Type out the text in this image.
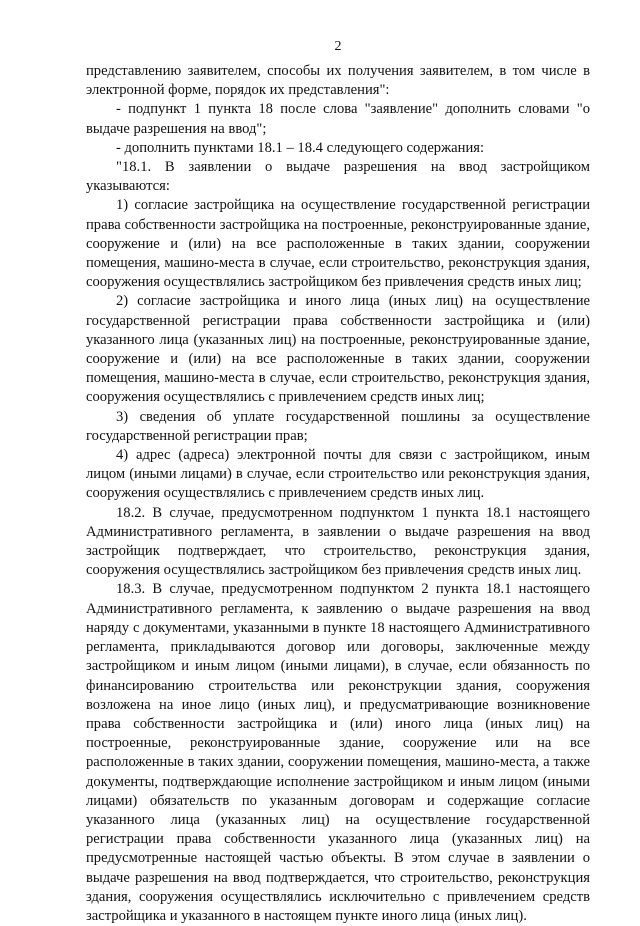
2

представлению заявителем, способы их получения заявителем, в том числе в электронной форме, порядок их представления":

- подпункт 1 пункта 18 после слова "заявление" дополнить словами "о выдаче разрешения на ввод";

- дополнить пунктами 18.1 – 18.4 следующего содержания:

"18.1. В заявлении о выдаче разрешения на ввод застройщиком указываются:

1) согласие застройщика на осуществление государственной регистрации права собственности застройщика на построенные, реконструированные здание, сооружение и (или) на все расположенные в таких здании, сооружении помещения, машино-места в случае, если строительство, реконструкция здания, сооружения осуществлялись застройщиком без привлечения средств иных лиц;

2) согласие застройщика и иного лица (иных лиц) на осуществление государственной регистрации права собственности застройщика и (или) указанного лица (указанных лиц) на построенные, реконструированные здание, сооружение и (или) на все расположенные в таких здании, сооружении помещения, машино-места в случае, если строительство, реконструкция здания, сооружения осуществлялись с привлечением средств иных лиц;

3) сведения об уплате государственной пошлины за осуществление государственной регистрации прав;

4) адрес (адреса) электронной почты для связи с застройщиком, иным лицом (иными лицами) в случае, если строительство или реконструкция здания, сооружения осуществлялись с привлечением средств иных лиц.

18.2. В случае, предусмотренном подпунктом 1 пункта 18.1 настоящего Административного регламента, в заявлении о выдаче разрешения на ввод застройщик подтверждает, что строительство, реконструкция здания, сооружения осуществлялись застройщиком без привлечения средств иных лиц.

18.3. В случае, предусмотренном подпунктом 2 пункта 18.1 настоящего Административного регламента, к заявлению о выдаче разрешения на ввод наряду с документами, указанными в пункте 18 настоящего Административного регламента, прикладываются договор или договоры, заключенные между застройщиком и иным лицом (иными лицами), в случае, если обязанность по финансированию строительства или реконструкции здания, сооружения возложена на иное лицо (иных лиц), и предусматривающие возникновение права собственности застройщика и (или) иного лица (иных лиц) на построенные, реконструированные здание, сооружение или на все расположенные в таких здании, сооружении помещения, машино-места, а также документы, подтверждающие исполнение застройщиком и иным лицом (иными лицами) обязательств по указанным договорам и содержащие согласие указанного лица (указанных лиц) на осуществление государственной регистрации права собственности указанного лица (указанных лиц) на предусмотренные настоящей частью объекты. В этом случае в заявлении о выдаче разрешения на ввод подтверждается, что строительство, реконструкция здания, сооружения осуществлялись исключительно с привлечением средств застройщика и указанного в настоящем пункте иного лица (иных лиц).
